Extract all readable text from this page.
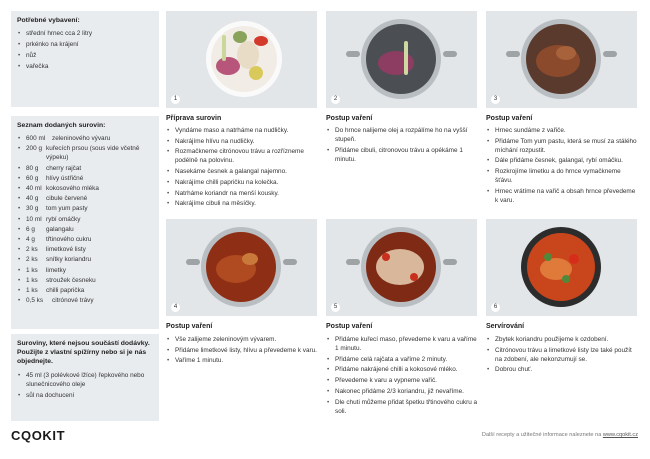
Potřebné vybavení:
• střední hrnec cca 2 litry
• prkénko na krájení
• nůž
• vařečka
Seznam dodaných surovin:
• 600 ml	zeleninového vývaru
• 200 g kuřecích prsou (sous vide včetně výpeku)
• 80 g	cherry rajčat
• 60 g	hlívy ústřičné
• 40 ml kokosového mléka
• 40 g	cibule červené
• 30 g	tom yum pasty
• 10 ml rybí omáčky
• 6 g	galangalu
• 4 g	třtinového cukru
• 2 ks	limetkové listy
• 2 ks	snítky koriandru
• 1 ks	limetky
• 1 ks	stroužek česneku
• 1 ks	chilli paprička
• 0,5 ks	citrónové trávy
Suroviny, které nejsou součástí dodávky. Použijte z vlastní spížírny nebo si je nás objednejte.
• 45 ml (3 polévkové lžíce) řepkového nebo slunečnicového oleje
• sůl na dochucení
1	2	3
4	5	6
Příprava surovin
• Vyndáme maso a natrháme na nudličky.
• Nakrájíme hlívu na nudličky.
• Rozmačkneme citrónovou trávu a rozřízneme podélně na polovinu.
• Nasekáme česnek a galangal najemno.
• Nakrájíme chilli papričku na kolečka.
• Natrháme koriandr na menší kousky.
• Nakrájíme cibuli na měsíčky.
Postup vaření
• Do hrnce nalijeme olej a rozpálíme ho na vyšší stupeň.
• Přidáme cibuli, citronovou trávu a opékáme 1 minutu.
Postup vaření
• Hrnec sundáme z vařiče.
• Přidáme Tom yum pastu, která se musí za stálého míchání rozpustit.
• Dále přidáme česnek, galangal, rybí omáčku.
• Rozkrojíme limetku a do hrnce vymačkneme šťávu.
• Hrnec vrátíme na vařič a obsah hrnce převedeme k varu.
Postup vaření
• Vše zalijeme zeleninovým vývarem.
• Přidáme limetkové listy, hlívu a převedeme k varu.
• Vaříme 1 minutu.
Postup vaření
• Přidáme kuřecí maso, převedeme k varu a vaříme 1 minutu.
• Přidáme celá rajčata a vaříme 2 minuty.
• Přidáme nakrájené chilli a kokosové mléko.
• Převedeme k varu a vypneme vařič.
• Nakonec přidáme 2/3 koriandru, již nevaříme.
• Dle chuti můžeme přidat špetku třtinového cukru a soli.
Servírování
• Zbytek koriandru použijeme k ozdobení.
• Citrónovou trávu a limetkové listy lze také použít na zdobení, ale nekonzumují se.
• Dobrou chuť.
CQOKIT	Další recepty a užitečné informace naleznete na www.cqokit.cz
